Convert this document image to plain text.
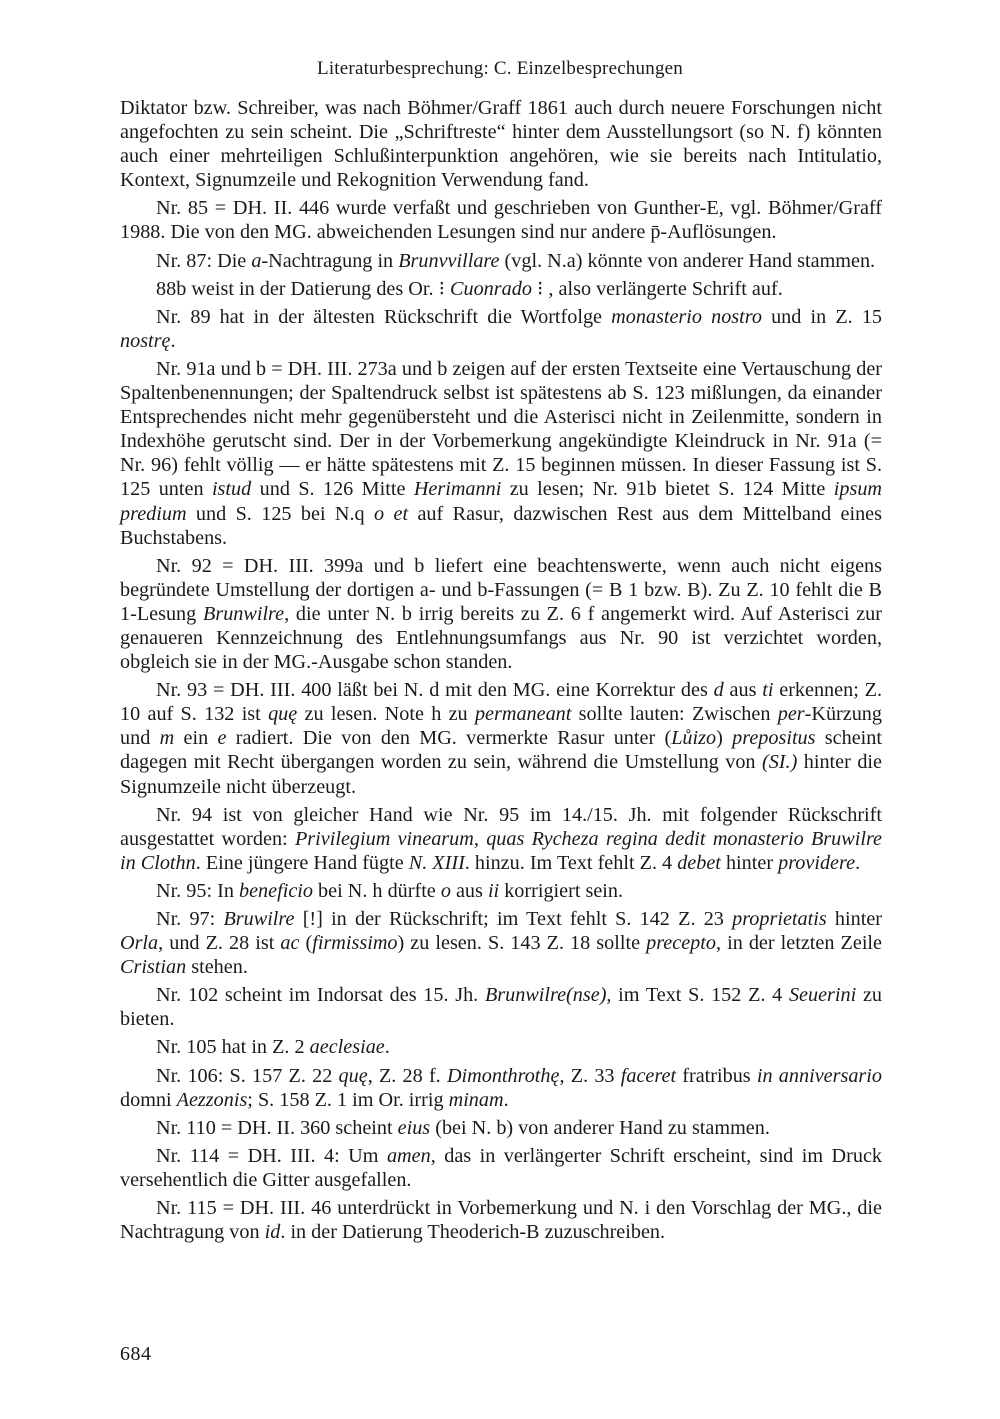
Literaturbesprechung: C. Einzelbesprechungen

Diktator bzw. Schreiber, was nach Böhmer/Graff 1861 auch durch neuere Forschungen nicht angefochten zu sein scheint. Die „Schriftreste“ hinter dem Ausstellungsort (so N. f) könnten auch einer mehrteiligen Schlußinterpunktion angehören, wie sie bereits nach Intitulatio, Kontext, Signumzeile und Rekognition Verwendung fand.

Nr. 85 = DH. II. 446 wurde verfaßt und geschrieben von Gunther-E, vgl. Böhmer/Graff 1988. Die von den MG. abweichenden Lesungen sind nur andere p̄-Auflösungen.

Nr. 87: Die a-Nachtragung in Brunvvillare (vgl. N.a) könnte von anderer Hand stammen.

88b weist in der Datierung des Or. ⁝ Cuonrado ⁝ , also verlängerte Schrift auf.

Nr. 89 hat in der ältesten Rückschrift die Wortfolge monasterio nostro und in Z. 15 nostrę.

Nr. 91a und b = DH. III. 273a und b zeigen auf der ersten Textseite eine Vertauschung der Spaltenbenennungen; der Spaltendruck selbst ist spätestens ab S. 123 mißlungen, da einander Entsprechendes nicht mehr gegenübersteht und die Asterisci nicht in Zeilenmitte, sondern in Indexhöhe gerutscht sind. Der in der Vorbemerkung angekündigte Kleindruck in Nr. 91a (= Nr. 96) fehlt völlig — er hätte spätestens mit Z. 15 beginnen müssen. In dieser Fassung ist S. 125 unten istud und S. 126 Mitte Herimanni zu lesen; Nr. 91b bietet S. 124 Mitte ipsum predium und S. 125 bei N.q o et auf Rasur, dazwischen Rest aus dem Mittelband eines Buchstabens.

Nr. 92 = DH. III. 399a und b liefert eine beachtenswerte, wenn auch nicht eigens begründete Umstellung der dortigen a- und b-Fassungen (= B 1 bzw. B). Zu Z. 10 fehlt die B 1-Lesung Brunwilre, die unter N. b irrig bereits zu Z. 6 f angemerkt wird. Auf Asterisci zur genaueren Kennzeichnung des Entlehnungsumfangs aus Nr. 90 ist verzichtet worden, obgleich sie in der MG.-Ausgabe schon standen.

Nr. 93 = DH. III. 400 läßt bei N. d mit den MG. eine Korrektur des d aus ti erkennen; Z. 10 auf S. 132 ist quę zu lesen. Note h zu permaneant sollte lauten: Zwischen per-Kürzung und m ein e radiert. Die von den MG. vermerkte Rasur unter (Lůizo) prepositus scheint dagegen mit Recht übergangen worden zu sein, während die Umstellung von (SI.) hinter die Signumzeile nicht überzeugt.

Nr. 94 ist von gleicher Hand wie Nr. 95 im 14./15. Jh. mit folgender Rückschrift ausgestattet worden: Privilegium vinearum, quas Rycheza regina dedit monasterio Bruwilre in Clothn. Eine jüngere Hand fügte N. XIII. hinzu. Im Text fehlt Z. 4 debet hinter providere.

Nr. 95: In beneficio bei N. h dürfte o aus ii korrigiert sein.

Nr. 97: Bruwilre [!] in der Rückschrift; im Text fehlt S. 142 Z. 23 proprietatis hinter Orla, und Z. 28 ist ac (firmissimo) zu lesen. S. 143 Z. 18 sollte precepto, in der letzten Zeile Cristian stehen.

Nr. 102 scheint im Indorsat des 15. Jh. Brunwilre(nse), im Text S. 152 Z. 4 Seuerini zu bieten.

Nr. 105 hat in Z. 2 aeclesiae.

Nr. 106: S. 157 Z. 22 quę, Z. 28 f. Dimonthrothę, Z. 33 faceret fratribus in anniversario domni Aezzonis; S. 158 Z. 1 im Or. irrig minam.

Nr. 110 = DH. II. 360 scheint eius (bei N. b) von anderer Hand zu stammen.

Nr. 114 = DH. III. 4: Um amen, das in verlängerter Schrift erscheint, sind im Druck versehentlich die Gitter ausgefallen.

Nr. 115 = DH. III. 46 unterdrückt in Vorbemerkung und N. i den Vorschlag der MG., die Nachtragung von id. in der Datierung Theoderich-B zuzuschreiben.

684
